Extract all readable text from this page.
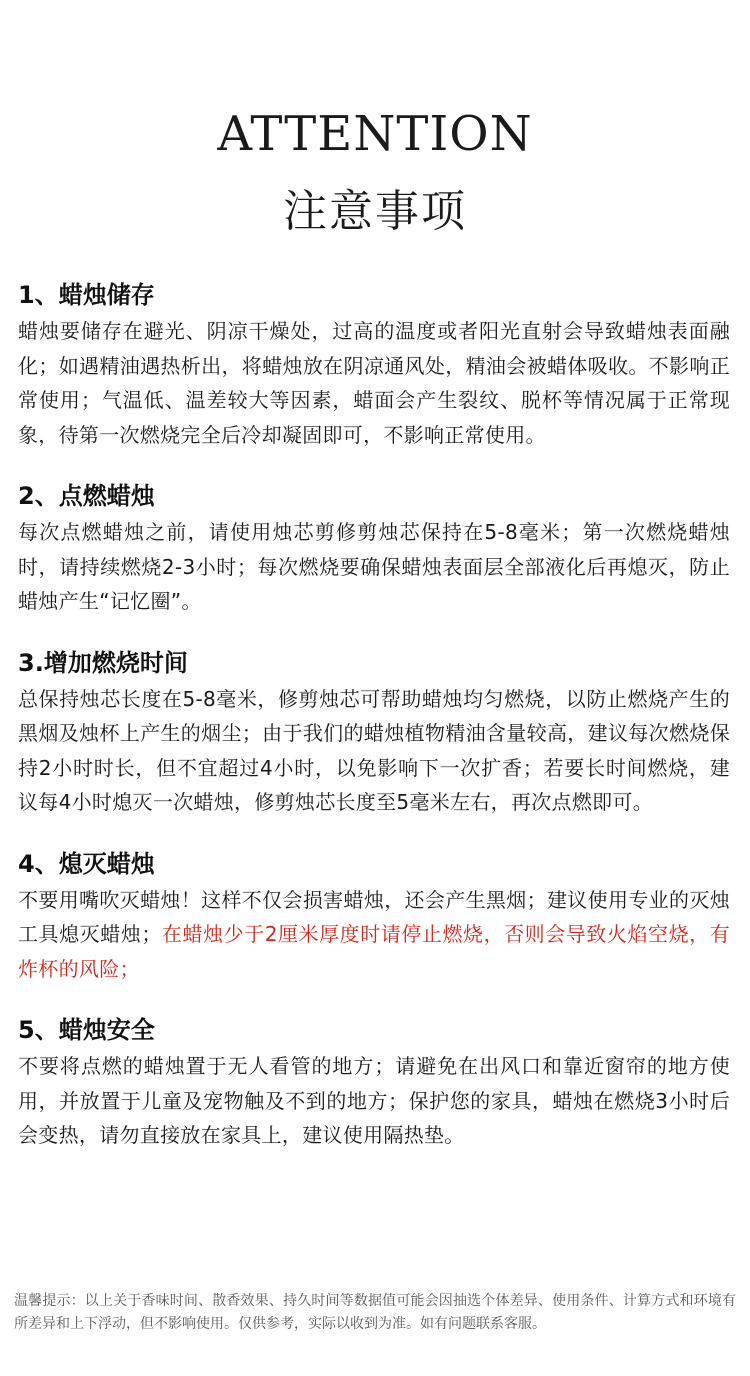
ATTENTION
注意事项
1、蜡烛储存

蜡烛要储存在避光、阴凉干燥处，过高的温度或者阳光直射会导致蜡烛表面融化；如遇精油遇热析出，将蜡烛放在阴凉通风处，精油会被蜡体吸收。不影响正常使用；气温低、温差较大等因素，蜡面会产生裂纹、脱杯等情况属于正常现象，待第一次燃烧完全后冷却凝固即可，不影响正常使用。

2、点燃蜡烛

每次点燃蜡烛之前，请使用烛芯剪修剪烛芯保持在5-8毫米；第一次燃烧蜡烛时，请持续燃烧2-3小时；每次燃烧要确保蜡烛表面层全部液化后再熄灭，防止蜡烛产生“记忆圈”。

3.增加燃烧时间

总保持烛芯长度在5-8毫米，修剪烛芯可帮助蜡烛均匀燃烧，以防止燃烧产生的黑烟及烛杯上产生的烟尘；由于我们的蜡烛植物精油含量较高，建议每次燃烧保持2小时时长，但不宜超过4小时，以免影响下一次扩香；若要长时间燃烧，建议每4小时熄灭一次蜡烛，修剪烛芯长度至5毫米左右，再次点燃即可。

4、熄灭蜡烛

不要用嘴吹灭蜡烛！这样不仅会损害蜡烛，还会产生黑烟；建议使用专业的灭烛工具熄灭蜡烛；在蜡烛少于2厘米厚度时请停止燃烧，否则会导致火焰空烧，有炸杯的风险；

5、蜡烛安全

不要将点燃的蜡烛置于无人看管的地方；请避免在出风口和靠近窗帘的地方使用，并放置于儿童及宠物触及不到的地方；保护您的家具，蜡烛在燃烧3小时后会变热，请勿直接放在家具上，建议使用隔热垫。

温馨提示：以上关于香味时间、散香效果、持久时间等数据值可能会因抽选个体差异、使用条件、计算方式和环境有所差异和上下浮动，但不影响使用。仅供参考，实际以收到为准。如有问题联系客服。
